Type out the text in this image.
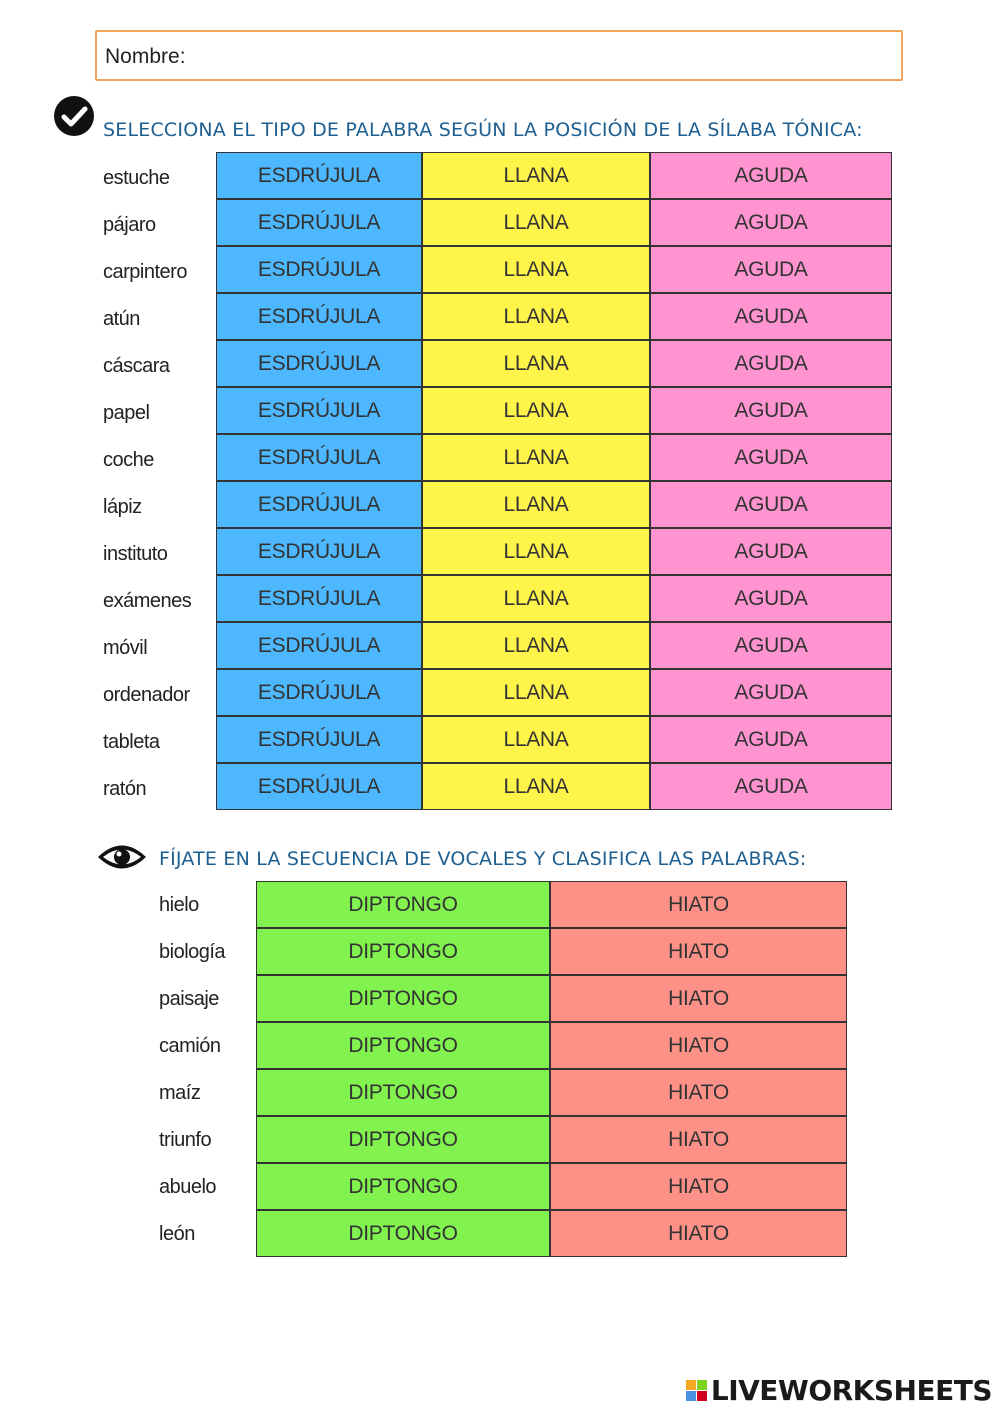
Nombre:
SELECCIONA EL TIPO DE PALABRA SEGÚN LA POSICIÓN DE LA SÍLABA TÓNICA:
estuche	ESDRÚJULA	LLANA	AGUDA
pájaro	ESDRÚJULA	LLANA	AGUDA
carpintero	ESDRÚJULA	LLANA	AGUDA
atún	ESDRÚJULA	LLANA	AGUDA
cáscara	ESDRÚJULA	LLANA	AGUDA
papel	ESDRÚJULA	LLANA	AGUDA
coche	ESDRÚJULA	LLANA	AGUDA
lápiz	ESDRÚJULA	LLANA	AGUDA
instituto	ESDRÚJULA	LLANA	AGUDA
exámenes	ESDRÚJULA	LLANA	AGUDA
móvil	ESDRÚJULA	LLANA	AGUDA
ordenador	ESDRÚJULA	LLANA	AGUDA
tableta	ESDRÚJULA	LLANA	AGUDA
ratón	ESDRÚJULA	LLANA	AGUDA
FÍJATE EN LA SECUENCIA DE VOCALES Y CLASIFICA LAS PALABRAS:
hielo	DIPTONGO	HIATO
biología	DIPTONGO	HIATO
paisaje	DIPTONGO	HIATO
camión	DIPTONGO	HIATO
maíz	DIPTONGO	HIATO
triunfo	DIPTONGO	HIATO
abuelo	DIPTONGO	HIATO
león	DIPTONGO	HIATO
LIVEWORKSHEETS
